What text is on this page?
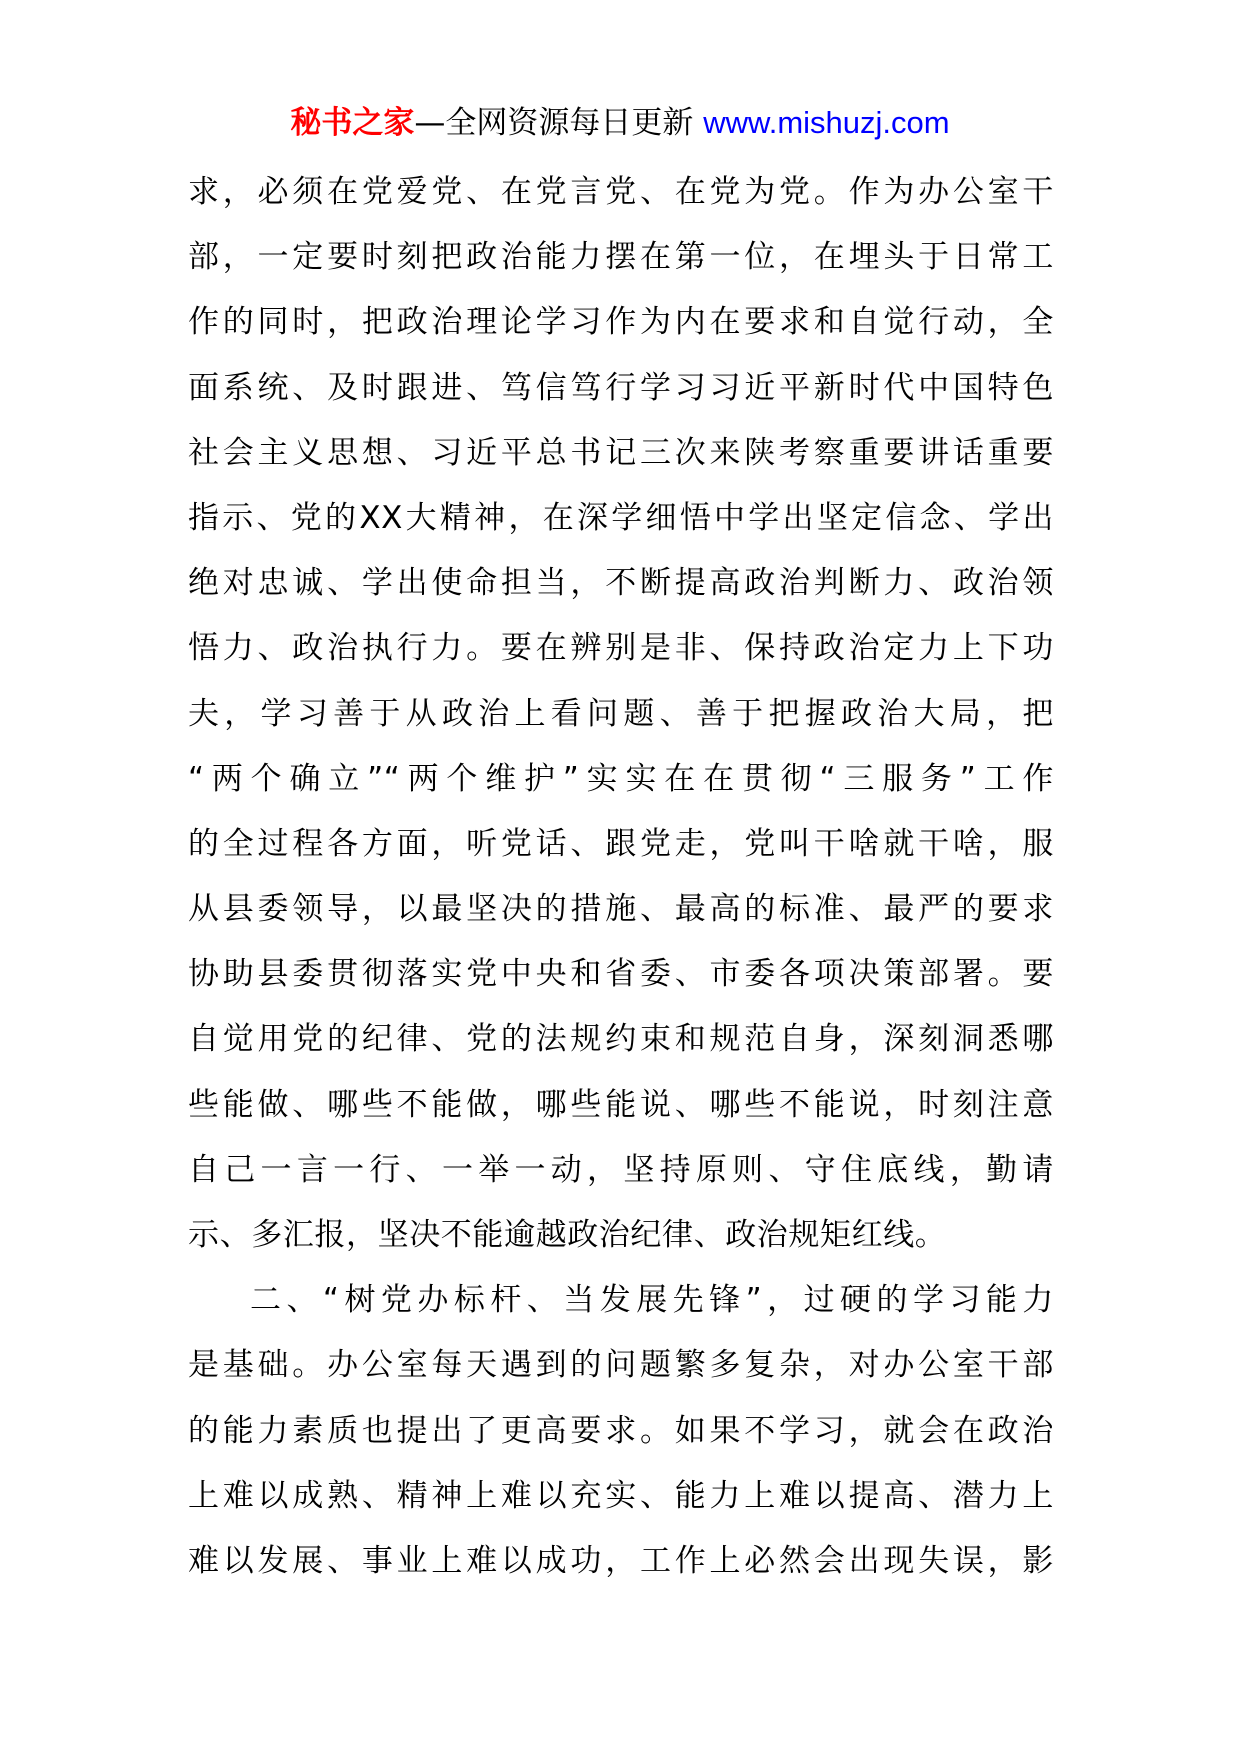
秘书之家—全网资源每日更新 www.mishuzj.com
求，必须在党爱党、在党言党、在党为党。作为办公室干
部，一定要时刻把政治能力摆在第一位，在埋头于日常工
作的同时，把政治理论学习作为内在要求和自觉行动，全
面系统、及时跟进、笃信笃行学习习近平新时代中国特色
社会主义思想、习近平总书记三次来陕考察重要讲话重要
指示、党的XX大精神，在深学细悟中学出坚定信念、学出
绝对忠诚、学出使命担当，不断提高政治判断力、政治领
悟力、政治执行力。要在辨别是非、保持政治定力上下功
夫，学习善于从政治上看问题、善于把握政治大局，把
“两个确立”“两个维护”实实在在贯彻“三服务”工作
的全过程各方面，听党话、跟党走，党叫干啥就干啥，服
从县委领导，以最坚决的措施、最高的标准、最严的要求
协助县委贯彻落实党中央和省委、市委各项决策部署。要
自觉用党的纪律、党的法规约束和规范自身，深刻洞悉哪
些能做、哪些不能做，哪些能说、哪些不能说，时刻注意
自己一言一行、一举一动，坚持原则、守住底线，勤请
示、多汇报，坚决不能逾越政治纪律、政治规矩红线。
二、“树党办标杆、当发展先锋”，过硬的学习能力
是基础。办公室每天遇到的问题繁多复杂，对办公室干部
的能力素质也提出了更高要求。如果不学习，就会在政治
上难以成熟、精神上难以充实、能力上难以提高、潜力上
难以发展、事业上难以成功，工作上必然会出现失误，影
